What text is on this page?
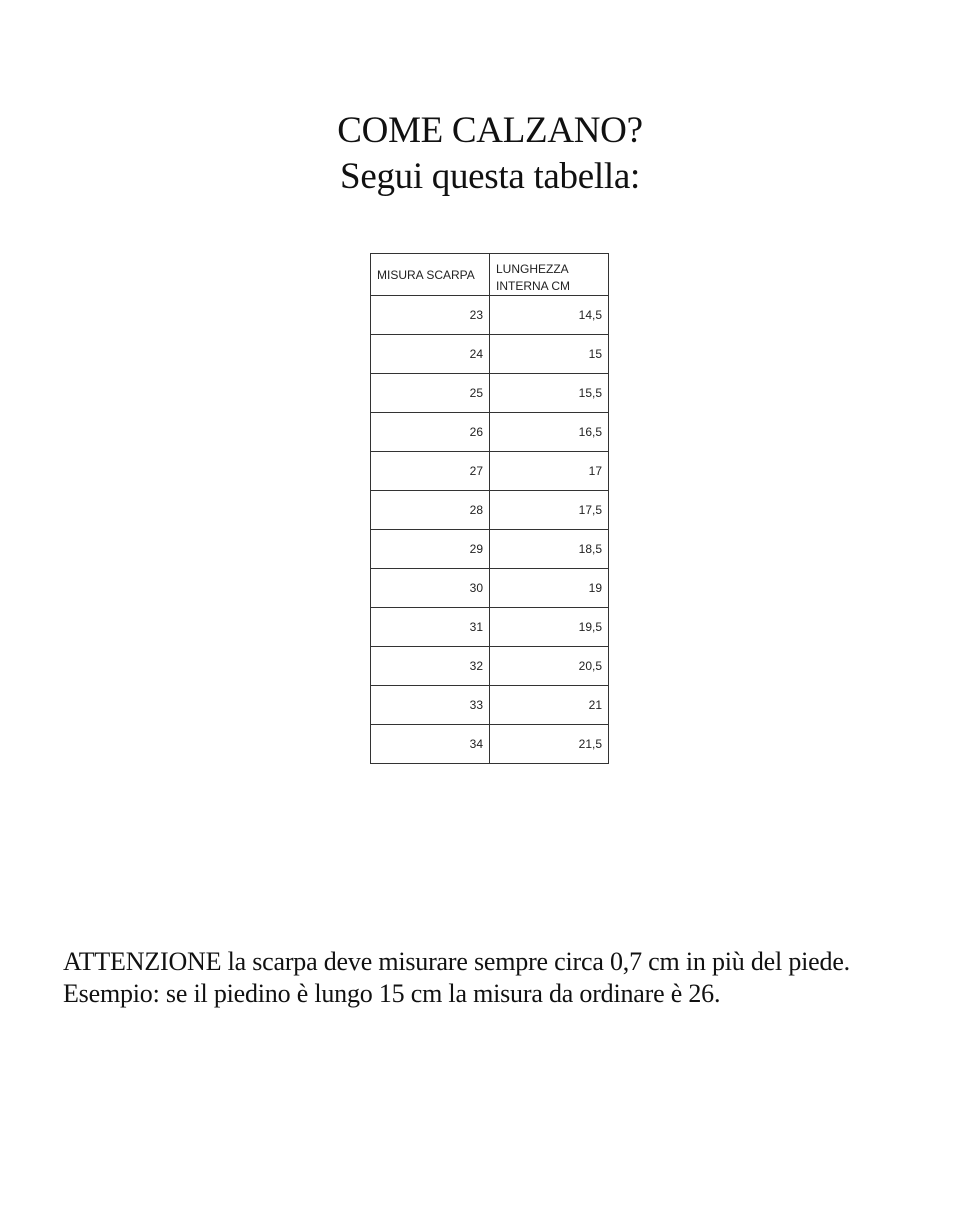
COME CALZANO?
Segui questa tabella:
MISURA SCARPA	LUNGHEZZA INTERNA CM
23	14,5
24	15
25	15,5
26	16,5
27	17
28	17,5
29	18,5
30	19
31	19,5
32	20,5
33	21
34	21,5
ATTENZIONE la scarpa deve misurare sempre circa 0,7 cm in più del piede.
Esempio: se il piedino è lungo 15 cm la misura da ordinare è 26.
